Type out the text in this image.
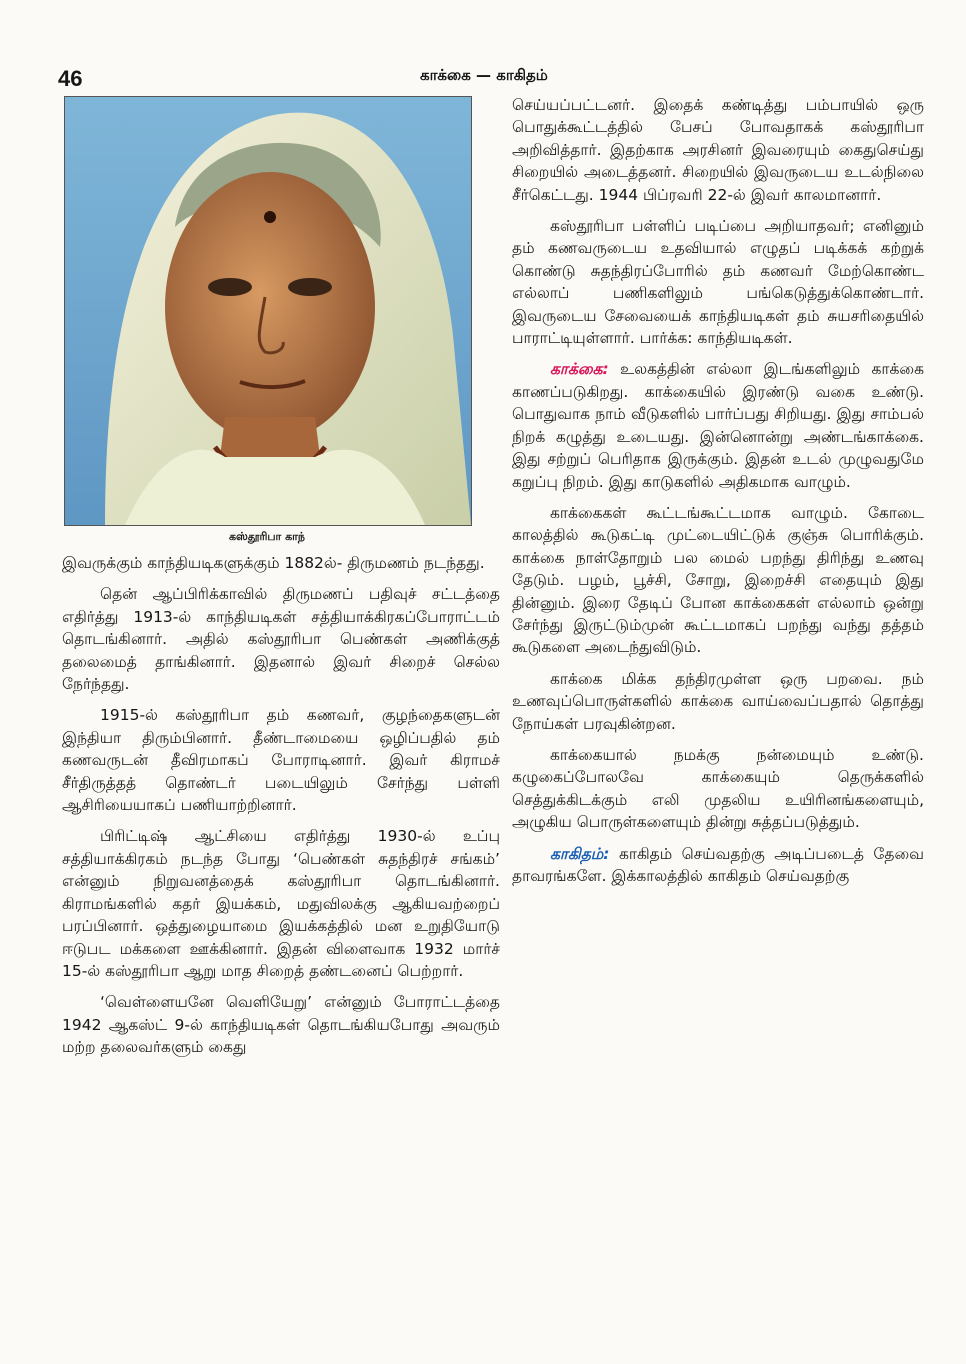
46	காக்கை — காகிதம்
கஸ்தூரிபா காந்

இவருக்கும் காந்தியடிகளுக்கும் 1882ல்- திருமணம் நடந்தது.

தென் ஆப்பிரிக்காவில் திருமணப் பதிவுச் சட்டத்தை எதிர்த்து 1913-ல் காந்தியடிகள் சத்தியாக்கிரகப்போராட்டம் தொடங்கினார். அதில் கஸ்தூரிபா பெண்கள் அணிக்குத் தலைமைத் தாங்கினார். இதனால் இவர் சிறைச் செல்ல நேர்ந்தது.

1915-ல் கஸ்தூரிபா தம் கணவர், குழந்தைகளுடன் இந்தியா திரும்பினார். தீண்டாமையை ஒழிப்பதில் தம் கணவருடன் தீவிரமாகப் போராடினார். இவர் கிராமச் சீர்திருத்தத் தொண்டர் படையிலும் சேர்ந்து பள்ளி ஆசிரியையாகப் பணியாற்றினார்.

பிரிட்டிஷ் ஆட்சியை எதிர்த்து 1930-ல் உப்பு சத்தியாக்கிரகம் நடந்த போது ‘பெண்கள் சுதந்திரச் சங்கம்’ என்னும் நிறுவனத்தைக் கஸ்தூரிபா தொடங்கினார். கிராமங்களில் கதர் இயக்கம், மதுவிலக்கு ஆகியவற்றைப் பரப்பினார். ஒத்துழையாமை இயக்கத்தில் மன உறுதியோடு ஈடுபட மக்களை ஊக்கினார். இதன் விளைவாக 1932 மார்ச் 15-ல் கஸ்தூரிபா ஆறு மாத சிறைத் தண்டனைப் பெற்றார்.

‘வெள்ளையனே வெளியேறு’ என்னும் போராட்டத்தை 1942 ஆகஸ்ட் 9-ல் காந்தியடிகள் தொடங்கியபோது அவரும் மற்ற தலைவர்களும் கைது

செய்யப்பட்டனர். இதைக் கண்டித்து பம்பாயில் ஒரு பொதுக்கூட்டத்தில் பேசப் போவதாகக் கஸ்தூரிபா அறிவித்தார். இதற்காக அரசினர் இவரையும் கைதுசெய்து சிறையில் அடைத்தனர். சிறையில் இவருடைய உடல்நிலை சீர்கெட்டது. 1944 பிப்ரவரி 22-ல் இவர் காலமானார்.

கஸ்தூரிபா பள்ளிப் படிப்பை அறியாதவர்; எனினும் தம் கணவருடைய உதவியால் எழுதப் படிக்கக் கற்றுக் கொண்டு சுதந்திரப்போரில் தம் கணவர் மேற்கொண்ட எல்லாப் பணிகளிலும் பங்கெடுத்துக்கொண்டார். இவருடைய சேவையைக் காந்தியடிகள் தம் சுயசரிதையில் பாராட்டியுள்ளார். பார்க்க: காந்தியடிகள்.

காக்கை: உலகத்தின் எல்லா இடங்களிலும் காக்கை காணப்படுகிறது. காக்கையில் இரண்டு வகை உண்டு. பொதுவாக நாம் வீடுகளில் பார்ப்பது சிறியது. இது சாம்பல் நிறக் கழுத்து உடையது. இன்னொன்று அண்டங்காக்கை. இது சற்றுப் பெரிதாக இருக்கும். இதன் உடல் முழுவதுமே கறுப்பு நிறம். இது காடுகளில் அதிகமாக வாழும்.

காக்கைகள் கூட்டங்கூட்டமாக வாழும். கோடை காலத்தில் கூடுகட்டி முட்டையிட்டுக் குஞ்சு பொரிக்கும். காக்கை நாள்தோறும் பல மைல் பறந்து திரிந்து உணவு தேடும். பழம், பூச்சி, சோறு, இறைச்சி எதையும் இது தின்னும். இரை தேடிப் போன காக்கைகள் எல்லாம் ஒன்று சேர்ந்து இருட்டும்முன் கூட்டமாகப் பறந்து வந்து தத்தம் கூடுகளை அடைந்துவிடும்.

காக்கை மிக்க தந்திரமுள்ள ஒரு பறவை. நம் உணவுப்பொருள்களில் காக்கை வாய்வைப்பதால் தொத்து நோய்கள் பரவுகின்றன.

காக்கையால் நமக்கு நன்மையும் உண்டு. கழுகைப்போலவே காக்கையும் தெருக்களில் செத்துக்கிடக்கும் எலி முதலிய உயிரினங்களையும், அழுகிய பொருள்களையும் தின்று சுத்தப்படுத்தும்.

காகிதம்: காகிதம் செய்வதற்கு அடிப்படைத் தேவை தாவரங்களே. இக்காலத்தில் காகிதம் செய்வதற்கு
